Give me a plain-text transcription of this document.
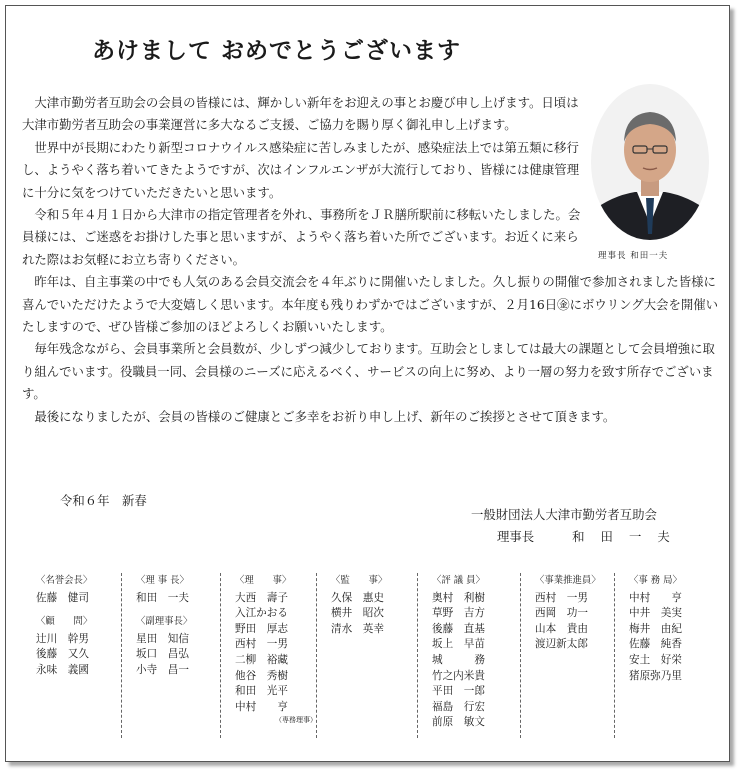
あけまして おめでとうございます
理事長 和田一夫

大津市勤労者互助会の会員の皆様には、輝かしい新年をお迎えの事とお慶び申し上げます。日頃は大津市勤労者互助会の事業運営に多大なるご支援、ご協力を賜り厚く御礼申し上げます。

世界中が長期にわたり新型コロナウイルス感染症に苦しみましたが、感染症法上では第五類に移行し、ようやく落ち着いてきたようですが、次はインフルエンザが大流行しており、皆様には健康管理に十分に気をつけていただきたいと思います。

令和５年４月１日から大津市の指定管理者を外れ、事務所をＪＲ膳所駅前に移転いたしました。会員様には、ご迷惑をお掛けした事と思いますが、ようやく落ち着いた所でございます。お近くに来られた際はお気軽にお立ち寄りください。

昨年は、自主事業の中でも人気のある会員交流会を４年ぶりに開催いたしました。久し振りの開催で参加されました皆様に喜んでいただけたようで大変嬉しく思います。本年度も残りわずかではございますが、２月16日㊎にボウリング大会を開催いたしますので、ぜひ皆様ご参加のほどよろしくお願いいたします。

毎年残念ながら、会員事業所と会員数が、少しずつ減少しております。互助会としましては最大の課題として会員増強に取り組んでいます。役職員一同、会員様のニーズに応えるべく、サービスの向上に努め、より一層の努力を致す所存でございます。

最後になりましたが、会員の皆様のご健康とご多幸をお祈り申し上げ、新年のご挨拶とさせて頂きます。

令和６年　新春
一般財団法人大津市勤労者互助会
理事長	和田一夫
〈名誉会長〉
佐藤　健司
〈顧　　問〉
辻川　幹男
後藤　又久
永味　義國
〈理 事 長〉
和田　一夫
〈副理事長〉
星田　知信
坂口　昌弘
小寺　昌一
〈理　　事〉
大西　壽子
入江かおる
野田　厚志
西村　一男
二柳　裕藏
他谷　秀樹
和田　光平
中村　　亨
（専務理事）
〈監　　事〉
久保　惠史
横井　昭次
清水　英幸
〈評 議 員〉
奥村　利樹
草野　吉方
後藤　直基
坂上　早苗
城　　　務
竹之内米貴
平田　一郎
福島　行宏
前原　敏文
〈事業推進員〉
西村　一男
西岡　功一
山本　貴由
渡辺新太郎
〈事 務 局〉
中村　　亨
中井　美実
梅井　由紀
佐藤　純香
安土　好栄
猪原弥乃里
